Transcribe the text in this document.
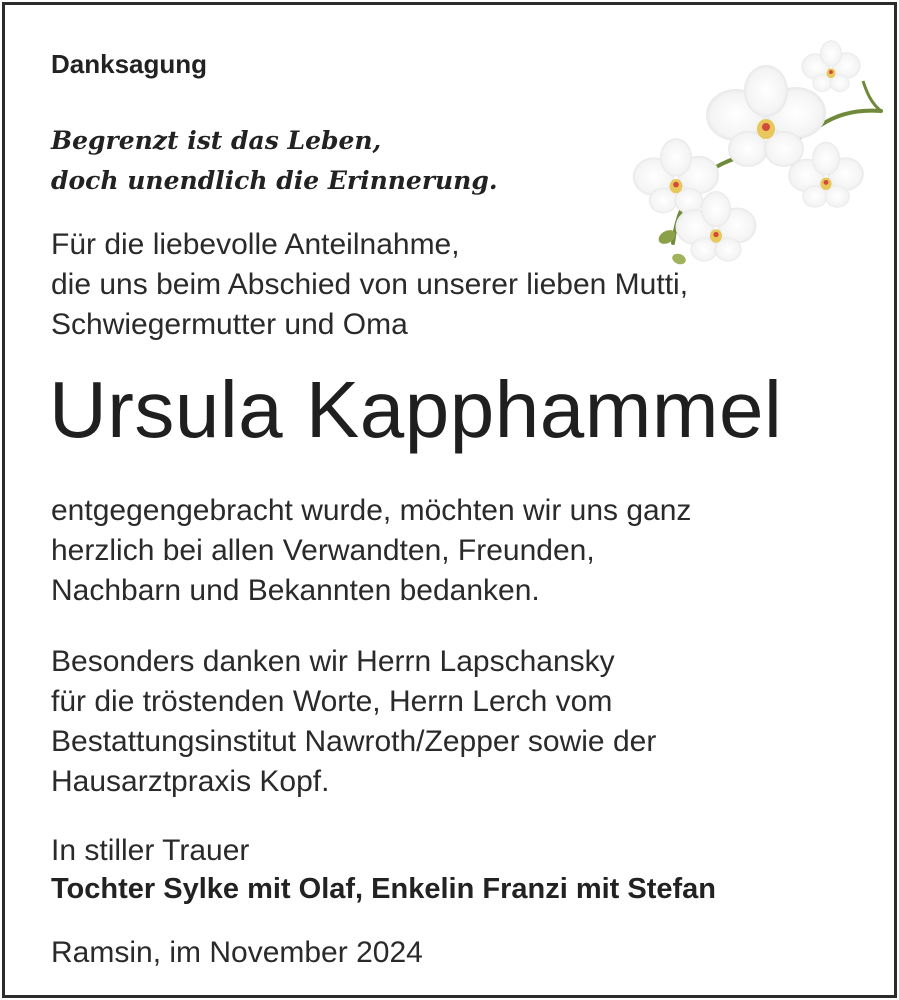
Danksagung
Begrenzt ist das Leben,
doch unendlich die Erinnerung.
Für die liebevolle Anteilnahme,
die uns beim Abschied von unserer lieben Mutti,
Schwiegermutter und Oma
Ursula Kapphammel
entgegengebracht wurde, möchten wir uns ganz
herzlich bei allen Verwandten, Freunden,
Nachbarn und Bekannten bedanken.
Besonders danken wir Herrn Lapschansky
für die tröstenden Worte, Herrn Lerch vom
Bestattungsinstitut Nawroth/Zepper sowie der
Hausarztpraxis Kopf.
In stiller Trauer
Tochter Sylke mit Olaf, Enkelin Franzi mit Stefan
Ramsin, im November 2024
